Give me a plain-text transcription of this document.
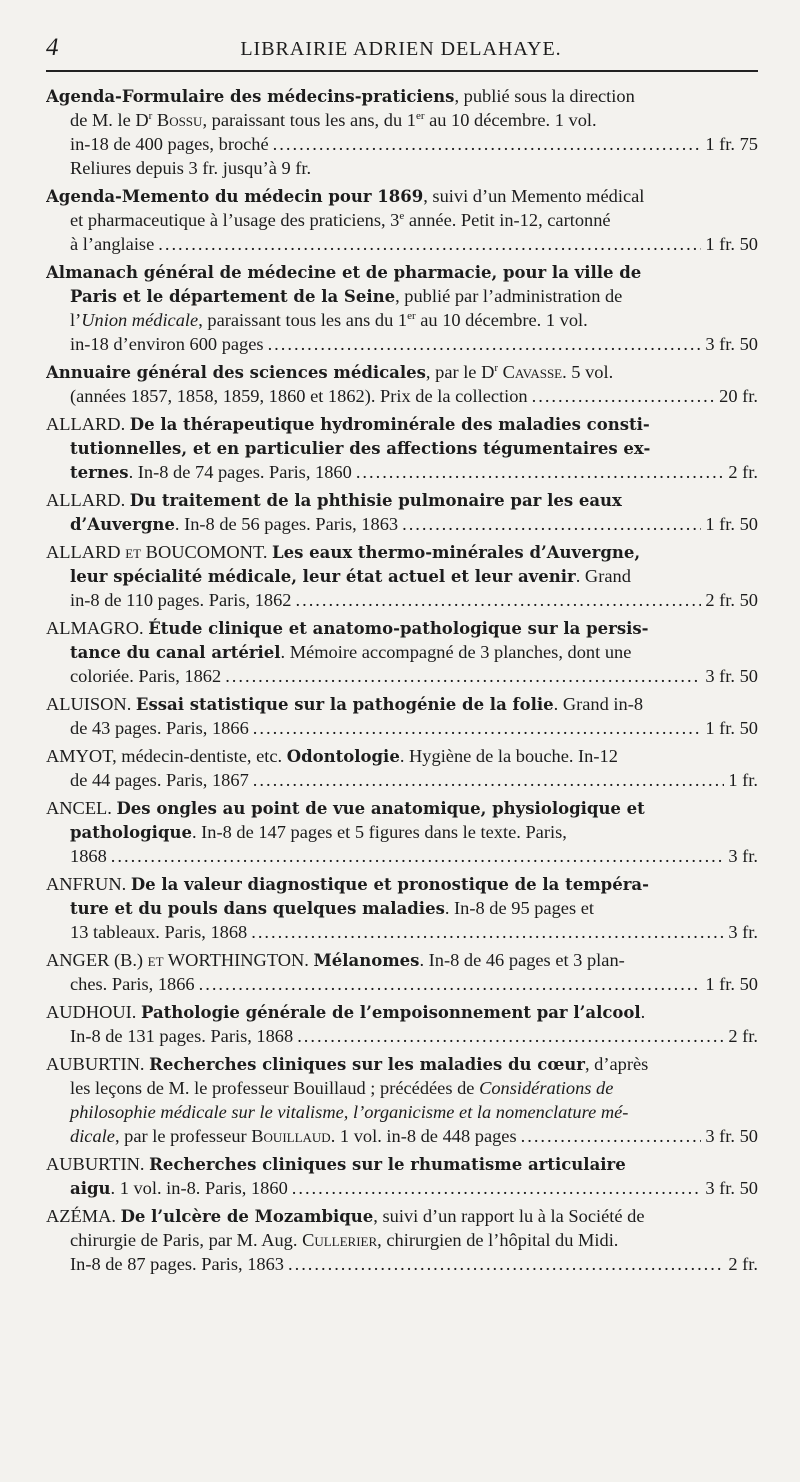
4	LIBRAIRIE ADRIEN DELAHAYE.
Agenda-Formulaire des médecins-praticiens, publié sous la direction
de M. le $D^r$ Bossu, paraissant tous les ans, du 1er au 10 décembre. 1 vol.
in-18 de 400 pages, broché .....	1 fr. 75
Reliures depuis 3 fr. jusqu’à 9 fr.
Agenda-Memento du médecin pour 1869, suivi d’un Memento médical
et pharmaceutique à l’usage des praticiens, 3e année. Petit in-12, cartonné
à l’anglaise .....	1 fr. 50
Almanach général de médecine et de pharmacie, pour la ville de
Paris et le département de la Seine, publié par l’administration de
l’Union médicale, paraissant tous les ans du 1er au 10 décembre. 1 vol.
in-18 d’environ 600 pages .....	3 fr. 50
Annuaire général des sciences médicales, par le $D^r$ Cavasse. 5 vol.
(années 1857, 1858, 1859, 1860 et 1862). Prix de la collection .....	20 fr.
ALLARD. De la thérapeutique hydrominérale des maladies consti-
tutionnelles, et en particulier des affections tégumentaires ex-
ternes. In-8 de 74 pages. Paris, 1860 .....	2 fr.
ALLARD. Du traitement de la phthisie pulmonaire par les eaux
d’Auvergne. In-8 de 56 pages. Paris, 1863 .....	1 fr. 50
ALLARD et BOUCOMONT. Les eaux thermo-minérales d’Auvergne,
leur spécialité médicale, leur état actuel et leur avenir. Grand
in-8 de 110 pages. Paris, 1862 .....	2 fr. 50
ALMAGRO. Étude clinique et anatomo-pathologique sur la persis-
tance du canal artériel. Mémoire accompagné de 3 planches, dont une
coloriée. Paris, 1862 .....	3 fr. 50
ALUISON. Essai statistique sur la pathogénie de la folie. Grand in-8
de 43 pages. Paris, 1866 .....	1 fr. 50
AMYOT, médecin-dentiste, etc. Odontologie. Hygiène de la bouche. In-12
de 44 pages. Paris, 1867 .....	1 fr.
ANCEL. Des ongles au point de vue anatomique, physiologique et
pathologique. In-8 de 147 pages et 5 figures dans le texte. Paris,
1868 .....	3 fr.
ANFRUN. De la valeur diagnostique et pronostique de la tempéra-
ture et du pouls dans quelques maladies. In-8 de 95 pages et
13 tableaux. Paris, 1868 .....	3 fr.
ANGER (B.) et WORTHINGTON. Mélanomes. In-8 de 46 pages et 3 plan-
ches. Paris, 1866 .....	1 fr. 50
AUDHOUI. Pathologie générale de l’empoisonnement par l’alcool.
In-8 de 131 pages. Paris, 1868 .....	2 fr.
AUBURTIN. Recherches cliniques sur les maladies du cœur, d’après
les leçons de M. le professeur Bouillaud ; précédées de Considérations de
philosophie médicale sur le vitalisme, l’organicisme et la nomenclature mé-
dicale, par le professeur Bouillaud. 1 vol. in-8 de 448 pages .....	3 fr. 50
AUBURTIN. Recherches cliniques sur le rhumatisme articulaire
aigu. 1 vol. in-8. Paris, 1860 .....	3 fr. 50
AZÉMA. De l’ulcère de Mozambique, suivi d’un rapport lu à la Société de
chirurgie de Paris, par M. Aug. Cullerier, chirurgien de l’hôpital du Midi.
In-8 de 87 pages. Paris, 1863 .....	2 fr.
